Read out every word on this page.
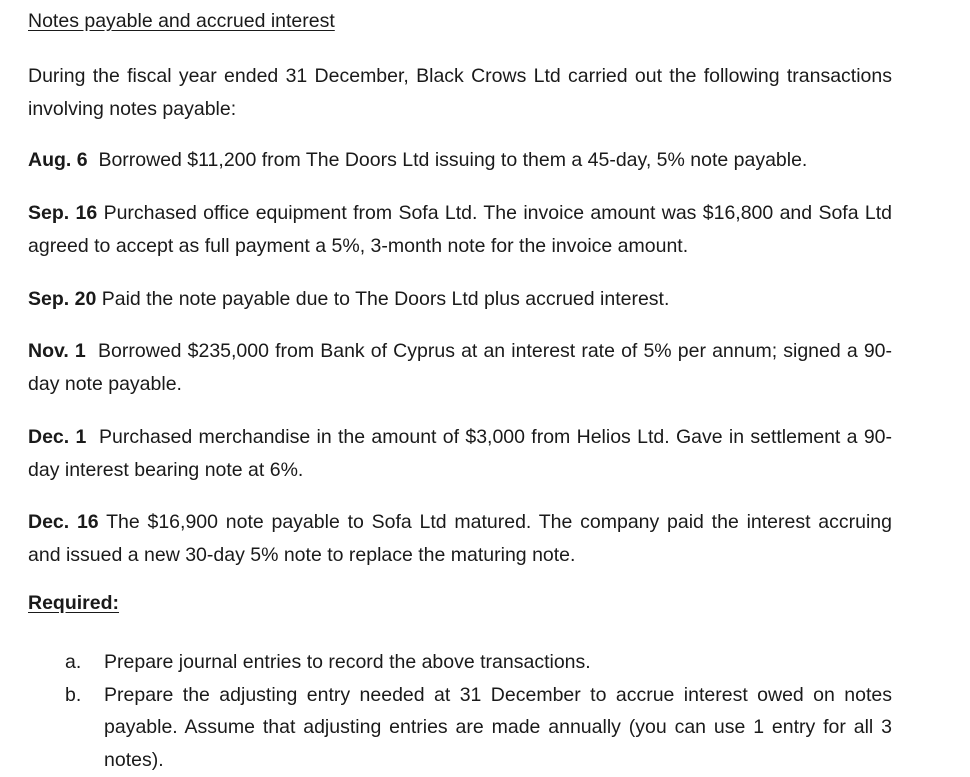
Notes payable and accrued interest

During the fiscal year ended 31 December, Black Crows Ltd carried out the following transactions involving notes payable:

Aug. 6 Borrowed $11,200 from The Doors Ltd issuing to them a 45-day, 5% note payable.

Sep. 16 Purchased office equipment from Sofa Ltd. The invoice amount was $16,800 and Sofa Ltd agreed to accept as full payment a 5%, 3-month note for the invoice amount.

Sep. 20 Paid the note payable due to The Doors Ltd plus accrued interest.

Nov. 1 Borrowed $235,000 from Bank of Cyprus at an interest rate of 5% per annum; signed a 90-day note payable.

Dec. 1 Purchased merchandise in the amount of $3,000 from Helios Ltd. Gave in settlement a 90-day interest bearing note at 6%.

Dec. 16 The $16,900 note payable to Sofa Ltd matured. The company paid the interest accruing and issued a new 30-day 5% note to replace the maturing note.

Required:
a. Prepare journal entries to record the above transactions.
b. Prepare the adjusting entry needed at 31 December to accrue interest owed on notes payable. Assume that adjusting entries are made annually (you can use 1 entry for all 3 notes).
